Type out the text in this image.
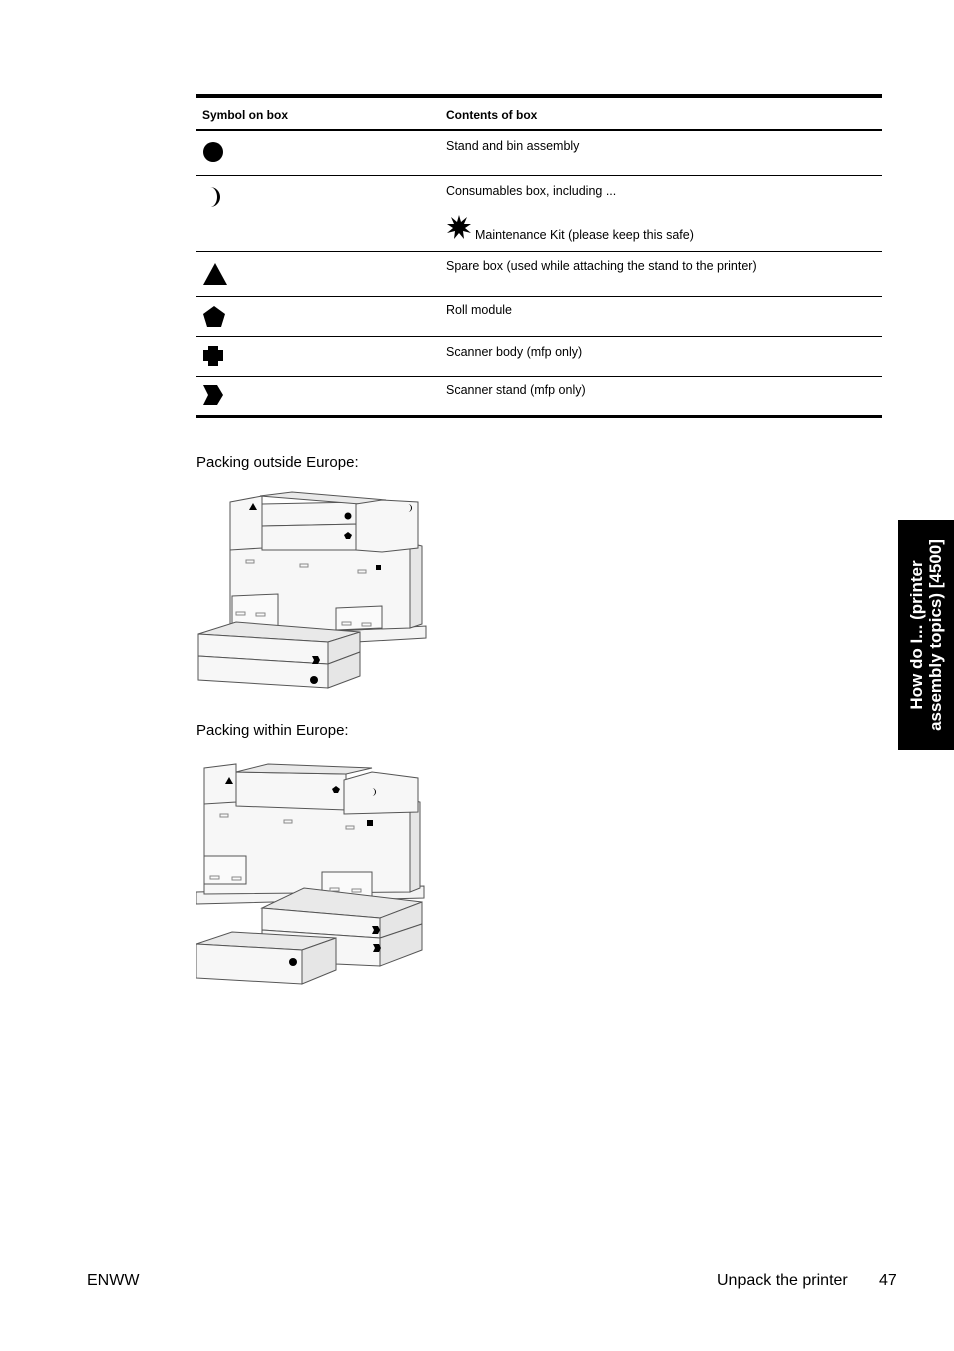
Symbol on box	Contents of box
Stand and bin assembly
Consumables box, including ...
Maintenance Kit (please keep this safe)
Spare box (used while attaching the stand to the printer)
Roll module
Scanner body (mfp only)
Scanner stand (mfp only)
Packing outside Europe:
Packing within Europe:
How do I... (printer assembly topics) [4500]
ENWW	Unpack the printer 47
